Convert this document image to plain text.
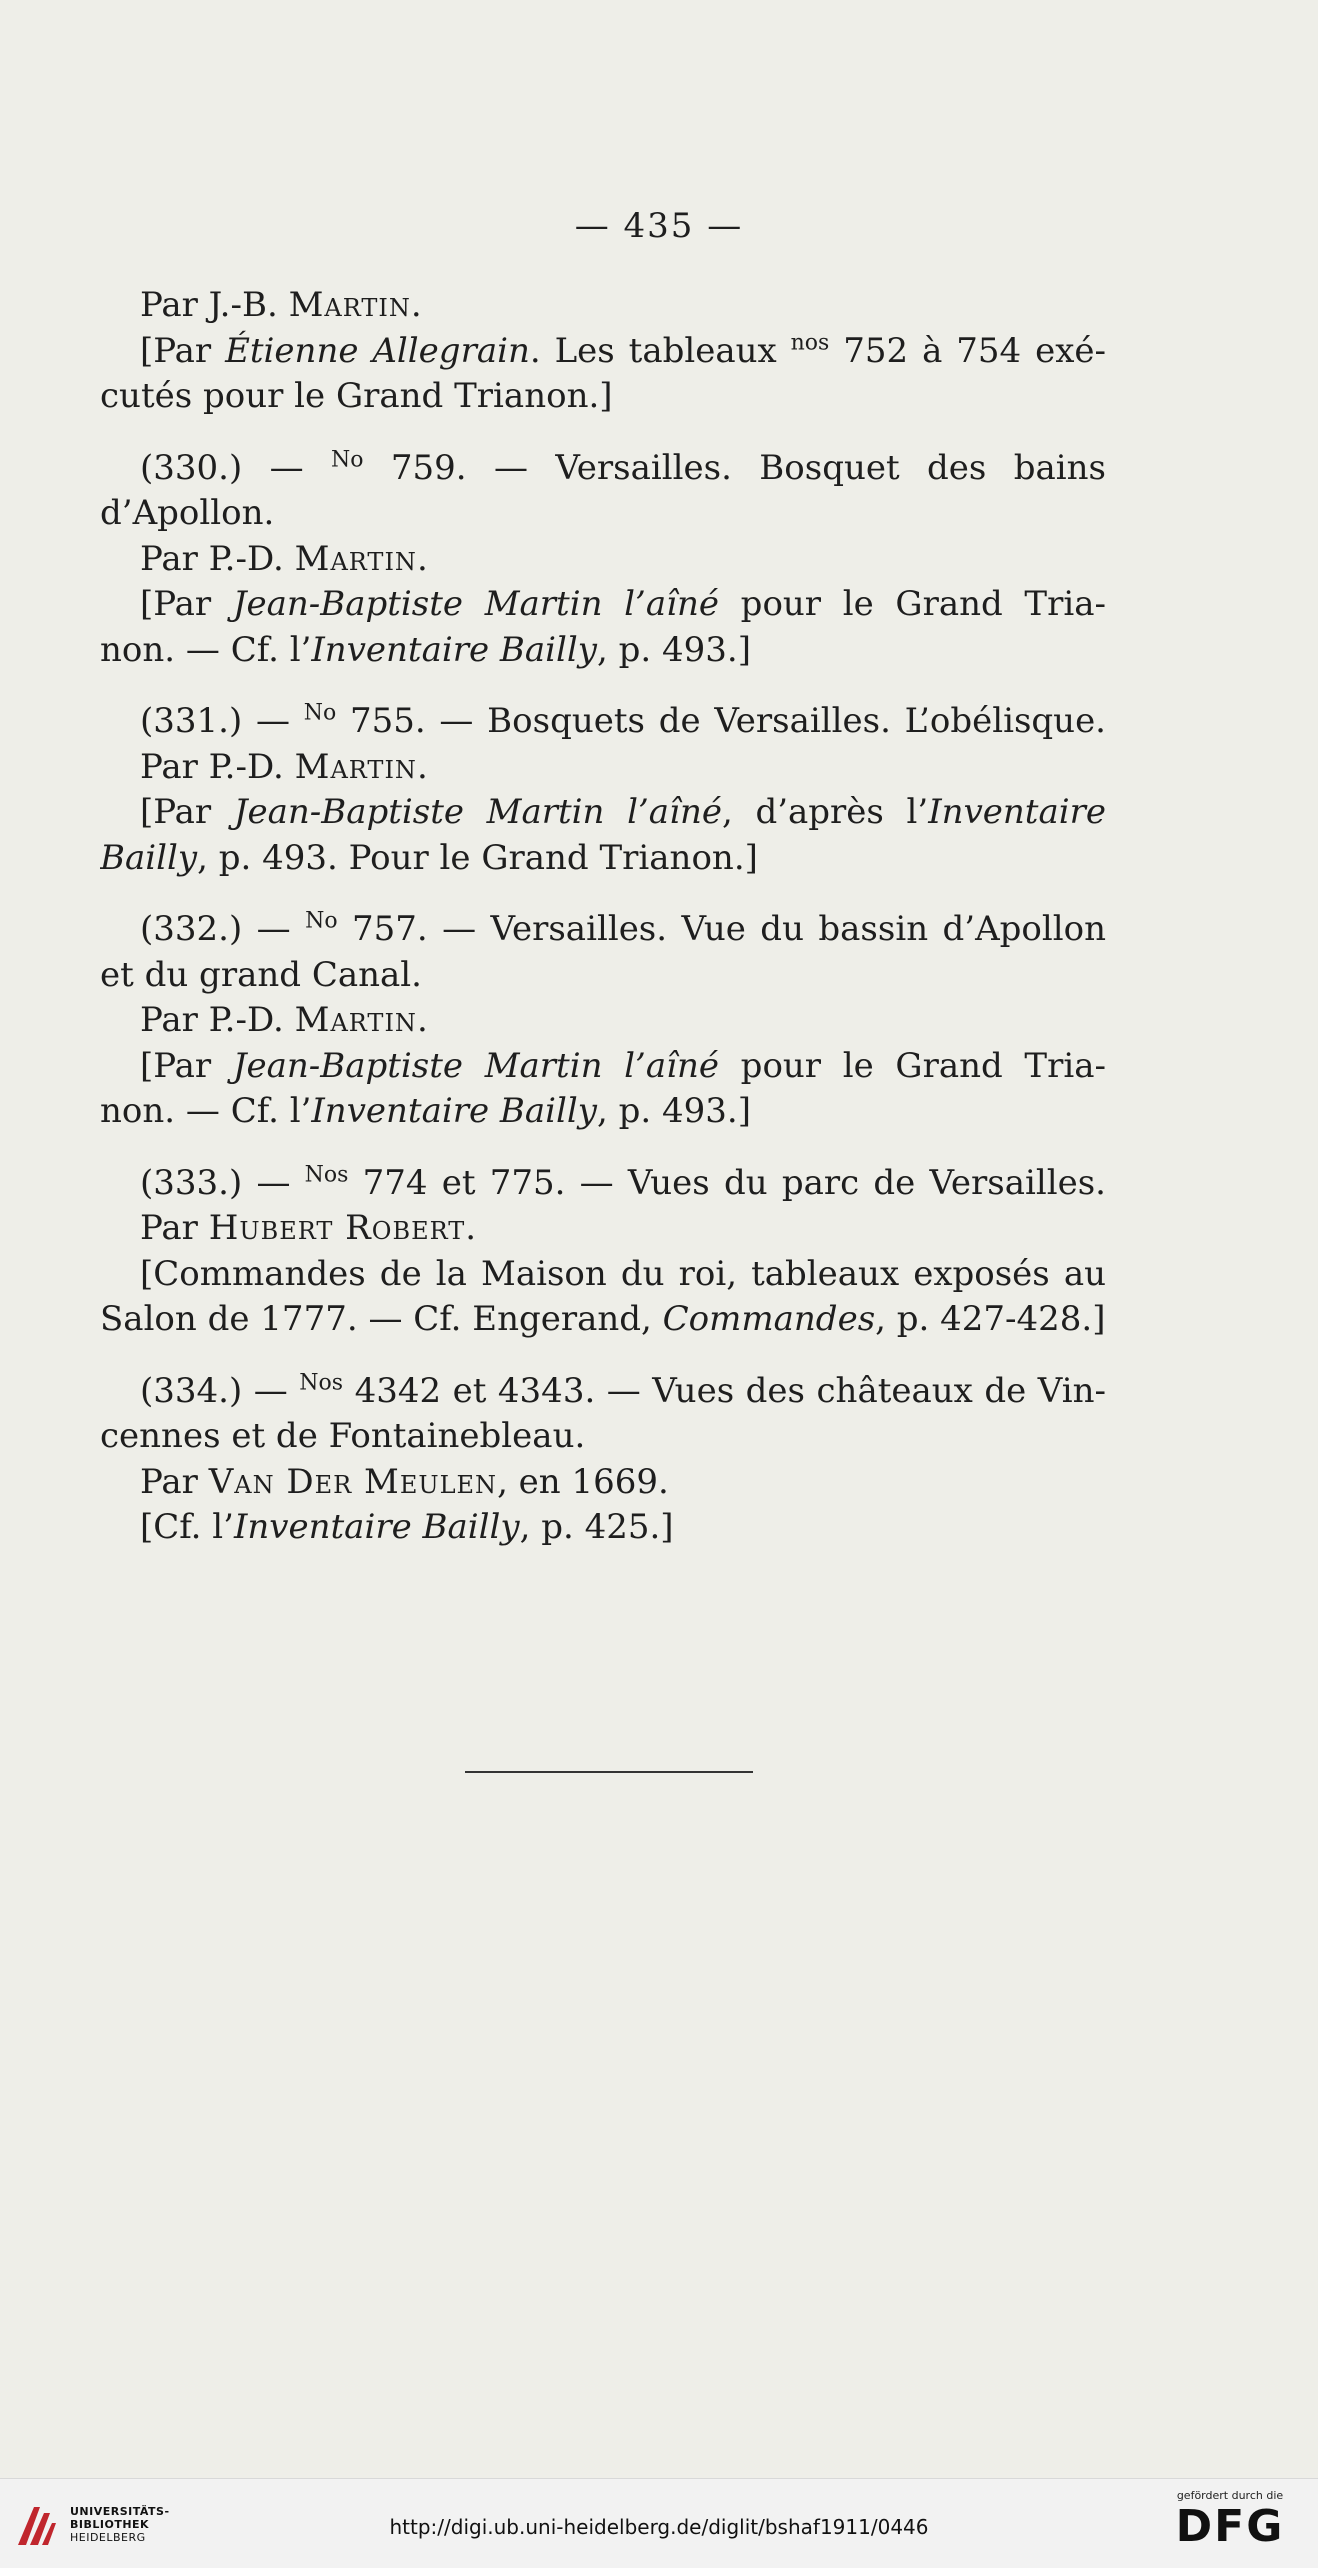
— 435 —
Par J.-B. Martin.
[Par Étienne Allegrain. Les tableaux $^{nos}$ 752 à 754 exé-
cutés pour le Grand Trianon.]
(330.) — $^{No}$ 759. — Versailles. Bosquet des bains
d’Apollon.
Par P.-D. Martin.
[Par Jean-Baptiste Martin l’aîné pour le Grand Tria-
non. — Cf. l’Inventaire Bailly, p. 493.]
(331.) — $^{No}$ 755. — Bosquets de Versailles. L’obélisque.
Par P.-D. Martin.
[Par Jean-Baptiste Martin l’aîné, d’après l’Inventaire
Bailly, p. 493. Pour le Grand Trianon.]
(332.) — $^{No}$ 757. — Versailles. Vue du bassin d’Apollon
et du grand Canal.
Par P.-D. Martin.
[Par Jean-Baptiste Martin l’aîné pour le Grand Tria-
non. — Cf. l’Inventaire Bailly, p. 493.]
(333.) — $^{Nos}$ 774 et 775. — Vues du parc de Versailles.
Par Hubert Robert.
[Commandes de la Maison du roi, tableaux exposés au
Salon de 1777. — Cf. Engerand, Commandes, p. 427-428.]
(334.) — $^{Nos}$ 4342 et 4343. — Vues des châteaux de Vin-
cennes et de Fontainebleau.
Par Van Der Meulen, en 1669.
[Cf. l’Inventaire Bailly, p. 425.]
UNIVERSITÄTS-
BIBLIOTHEK
HEIDELBERG	http://digi.ub.uni-heidelberg.de/diglit/bshaf1911/0446
gefördert durch die
DFG
